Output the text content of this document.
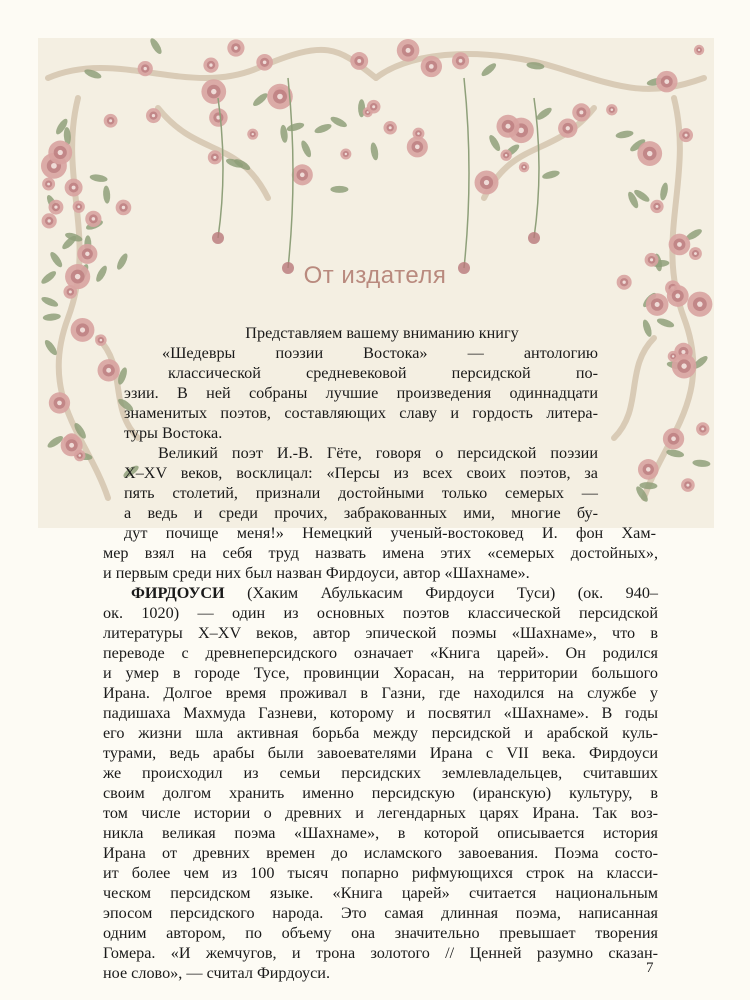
От издателя
Представляем вашему вниманию книгу
«Шедевры поэзии Востока» — антологию
классической средневековой персидской по-
эзии. В ней собраны лучшие произведения одиннадцати
знаменитых поэтов, составляющих славу и гордость литера-
туры Востока.
Великий поэт И.-В. Гёте, говоря о персидской поэзии
X–XV веков, восклицал: «Персы из всех своих поэтов, за
пять столетий, признали достойными только семерых —
а ведь и среди прочих, забракованных ими, многие бу-
дут почище меня!» Немецкий ученый-востоковед И. фон Хам-
мер взял на себя труд назвать имена этих «семерых достойных»,
и первым среди них был назван Фирдоуси, автор «Шахнаме».
ФИРДОУСИ (Хаким Абулькасим Фирдоуси Туси) (ок. 940–
ок. 1020) — один из основных поэтов классической персидской
литературы X–XV веков, автор эпической поэмы «Шахнаме», что в
переводе с древнеперсидского означает «Книга царей». Он родился
и умер в городе Тусе, провинции Хорасан, на территории большого
Ирана. Долгое время проживал в Газни, где находился на службе у
падишаха Махмуда Газневи, которому и посвятил «Шахнаме». В годы
его жизни шла активная борьба между персидской и арабской куль-
турами, ведь арабы были завоевателями Ирана с VII века. Фирдоуси
же происходил из семьи персидских землевладельцев, считавших
своим долгом хранить именно персидскую (иранскую) культуру, в
том числе истории о древних и легендарных царях Ирана. Так воз-
никла великая поэма «Шахнаме», в которой описывается история
Ирана от древних времен до исламского завоевания. Поэма состо-
ит более чем из 100 тысяч попарно рифмующихся строк на класси-
ческом персидском языке. «Книга царей» считается национальным
эпосом персидского народа. Это самая длинная поэма, написанная
одним автором, по объему она значительно превышает творения
Гомера. «И жемчугов, и трона золотого // Ценней разумно сказан-
ное слово», — считал Фирдоуси.	7
